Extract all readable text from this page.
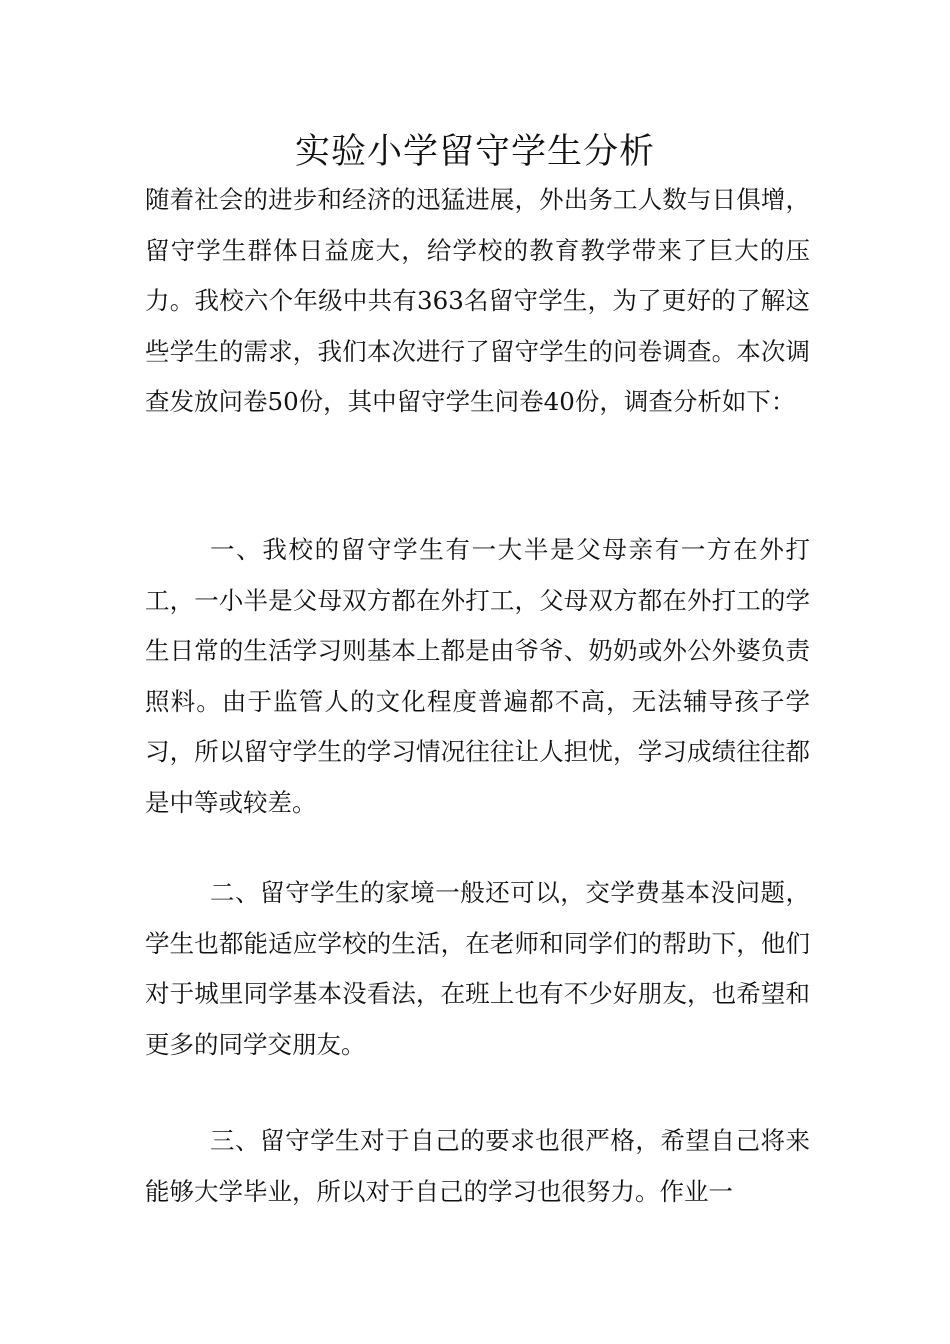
实验小学留守学生分析

随着社会的进步和经济的迅猛进展，外出务工人数与日俱增，留守学生群体日益庞大，给学校的教育教学带来了巨大的压力。我校六个年级中共有363名留守学生，为了更好的了解这些学生的需求，我们本次进行了留守学生的问卷调查。本次调查发放问卷50份，其中留守学生问卷40份，调查分析如下：

一、我校的留守学生有一大半是父母亲有一方在外打工，一小半是父母双方都在外打工，父母双方都在外打工的学生日常的生活学习则基本上都是由爷爷、奶奶或外公外婆负责照料。由于监管人的文化程度普遍都不高，无法辅导孩子学习，所以留守学生的学习情况往往让人担忧，学习成绩往往都是中等或较差。

二、留守学生的家境一般还可以，交学费基本没问题，学生也都能适应学校的生活，在老师和同学们的帮助下，他们对于城里同学基本没看法，在班上也有不少好朋友，也希望和更多的同学交朋友。

三、留守学生对于自己的要求也很严格，希望自己将来能够大学毕业，所以对于自己的学习也很努力。作业一
